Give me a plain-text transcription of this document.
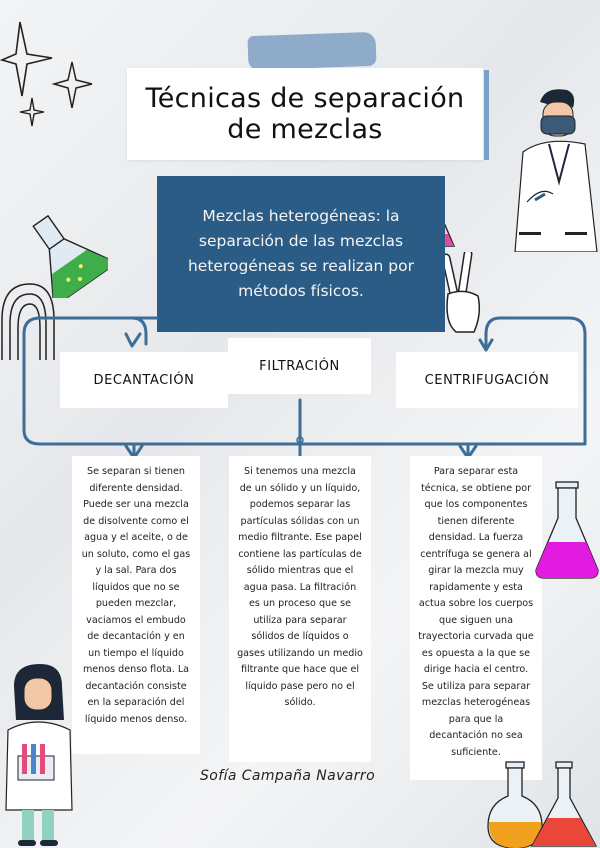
Técnicas de separación
de mezclas

Mezclas heterogéneas: la separación de las mezclas heterogéneas se realizan por métodos físicos.

DECANTACIÓN
FILTRACIÓN
CENTRIFUGACIÓN
Se separan si tienen diferente densidad. Puede ser una mezcla de disolvente como el agua y el aceite, o de un soluto, como el gas y la sal. Para dos líquidos que no se pueden mezclar, vaciamos el embudo de decantación y en un tiempo el líquido menos denso flota. La decantación consiste en la separación del líquido menos denso.
Si tenemos una mezcla de un sólido y un líquido, podemos separar las partículas sólidas con un medio filtrante. Ese papel contiene las partículas de sólido mientras que el agua pasa. La filtración es un proceso que se utiliza para separar sólidos de líquidos o gases utilizando un medio filtrante que hace que el líquido pase pero no el sólido.
Para separar esta técnica, se obtiene por que los componentes tienen diferente densidad. La fuerza centrífuga se genera al girar la mezcla muy rapidamente y esta actua sobre los cuerpos que siguen una trayectoria curvada que es opuesta a la que se dirige hacia el centro. Se utiliza para separar mezclas heterogéneas para que la decantación no sea suficiente.
Sofía Campaña Navarro
